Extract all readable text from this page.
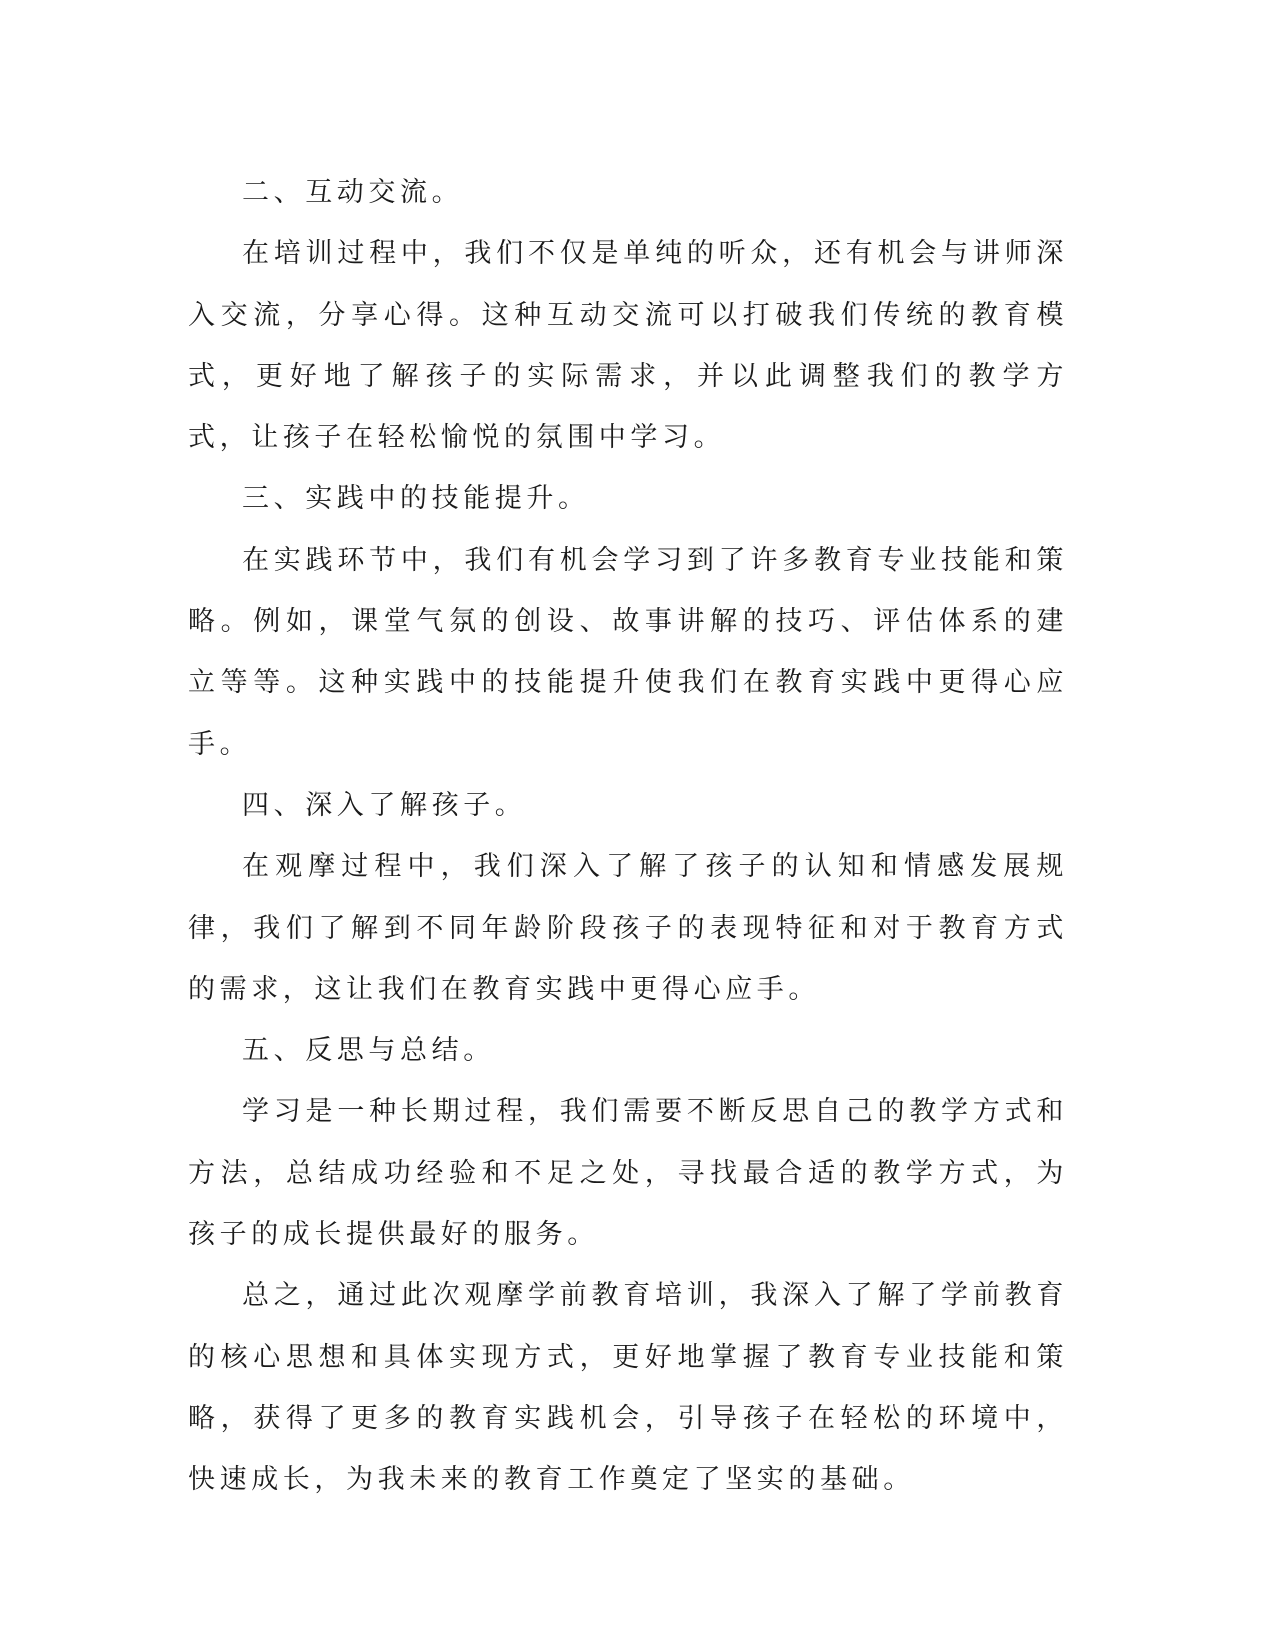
二、互动交流。

在培训过程中，我们不仅是单纯的听众，还有机会与讲师深入交流，分享心得。这种互动交流可以打破我们传统的教育模式，更好地了解孩子的实际需求，并以此调整我们的教学方式，让孩子在轻松愉悦的氛围中学习。

三、实践中的技能提升。

在实践环节中，我们有机会学习到了许多教育专业技能和策略。例如，课堂气氛的创设、故事讲解的技巧、评估体系的建立等等。这种实践中的技能提升使我们在教育实践中更得心应手。

四、深入了解孩子。

在观摩过程中，我们深入了解了孩子的认知和情感发展规律，我们了解到不同年龄阶段孩子的表现特征和对于教育方式的需求，这让我们在教育实践中更得心应手。

五、反思与总结。

学习是一种长期过程，我们需要不断反思自己的教学方式和方法，总结成功经验和不足之处，寻找最合适的教学方式，为孩子的成长提供最好的服务。

总之，通过此次观摩学前教育培训，我深入了解了学前教育的核心思想和具体实现方式，更好地掌握了教育专业技能和策略，获得了更多的教育实践机会，引导孩子在轻松的环境中，快速成长，为我未来的教育工作奠定了坚实的基础。
